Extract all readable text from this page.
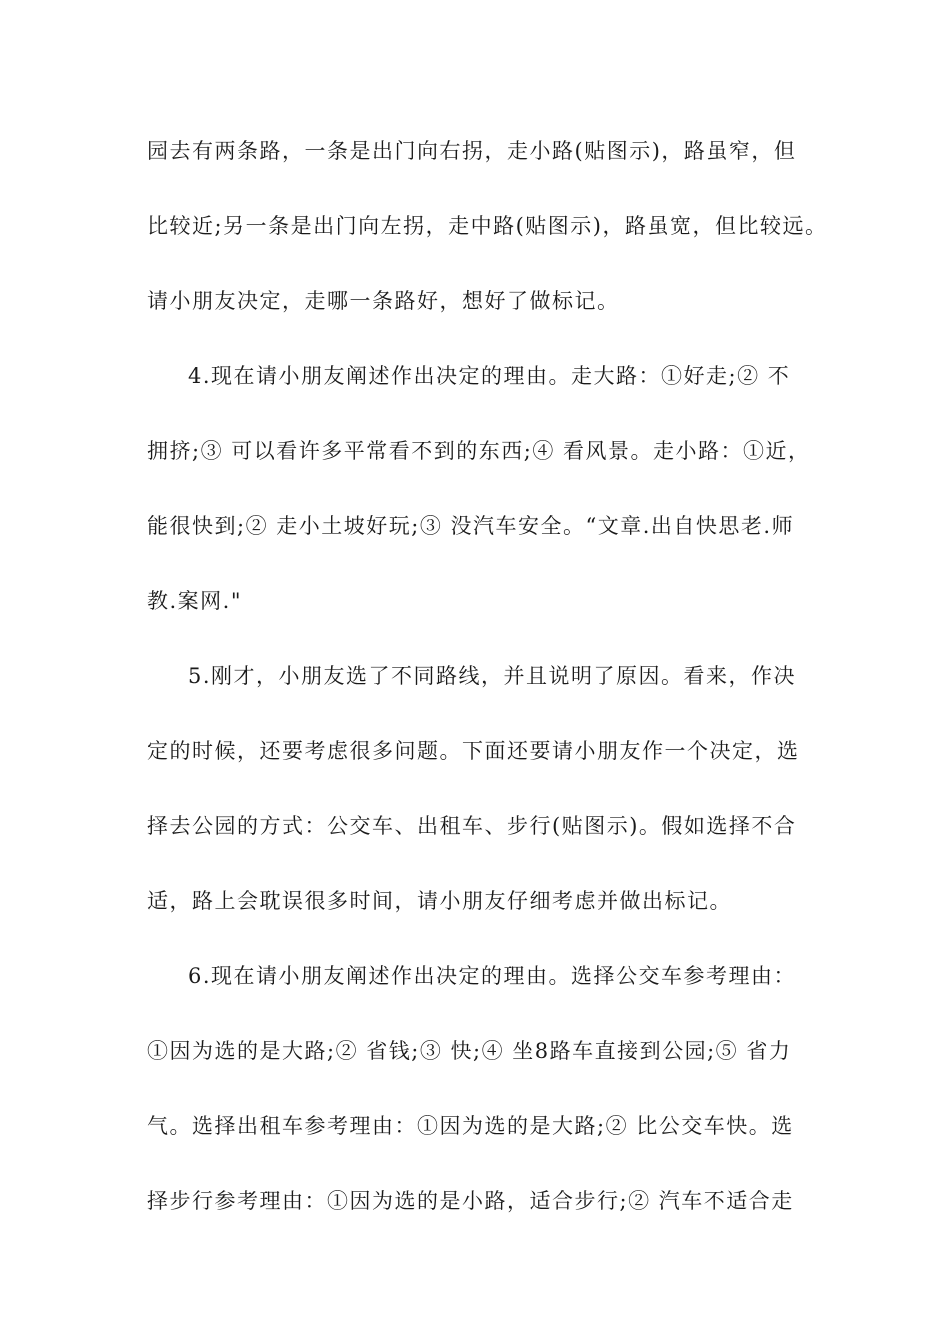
园去有两条路，一条是出门向右拐，走小路(贴图示)，路虽窄，但
比较近;另一条是出门向左拐，走中路(贴图示)，路虽宽，但比较远。
请小朋友决定，走哪一条路好，想好了做标记。
4.现在请小朋友阐述作出决定的理由。走大路：①好走;② 不
拥挤;③ 可以看许多平常看不到的东西;④ 看风景。走小路：①近，
能很快到;② 走小土坡好玩;③ 没汽车安全。“文章.出自快思老.师
教.案网."
5.刚才，小朋友选了不同路线，并且说明了原因。看来，作决
定的时候，还要考虑很多问题。下面还要请小朋友作一个决定，选
择去公园的方式：公交车、出租车、步行(贴图示)。假如选择不合
适，路上会耽误很多时间，请小朋友仔细考虑并做出标记。
6.现在请小朋友阐述作出决定的理由。选择公交车参考理由：
①因为选的是大路;② 省钱;③ 快;④ 坐8路车直接到公园;⑤ 省力
气。选择出租车参考理由：①因为选的是大路;② 比公交车快。选
择步行参考理由：①因为选的是小路，适合步行;② 汽车不适合走
